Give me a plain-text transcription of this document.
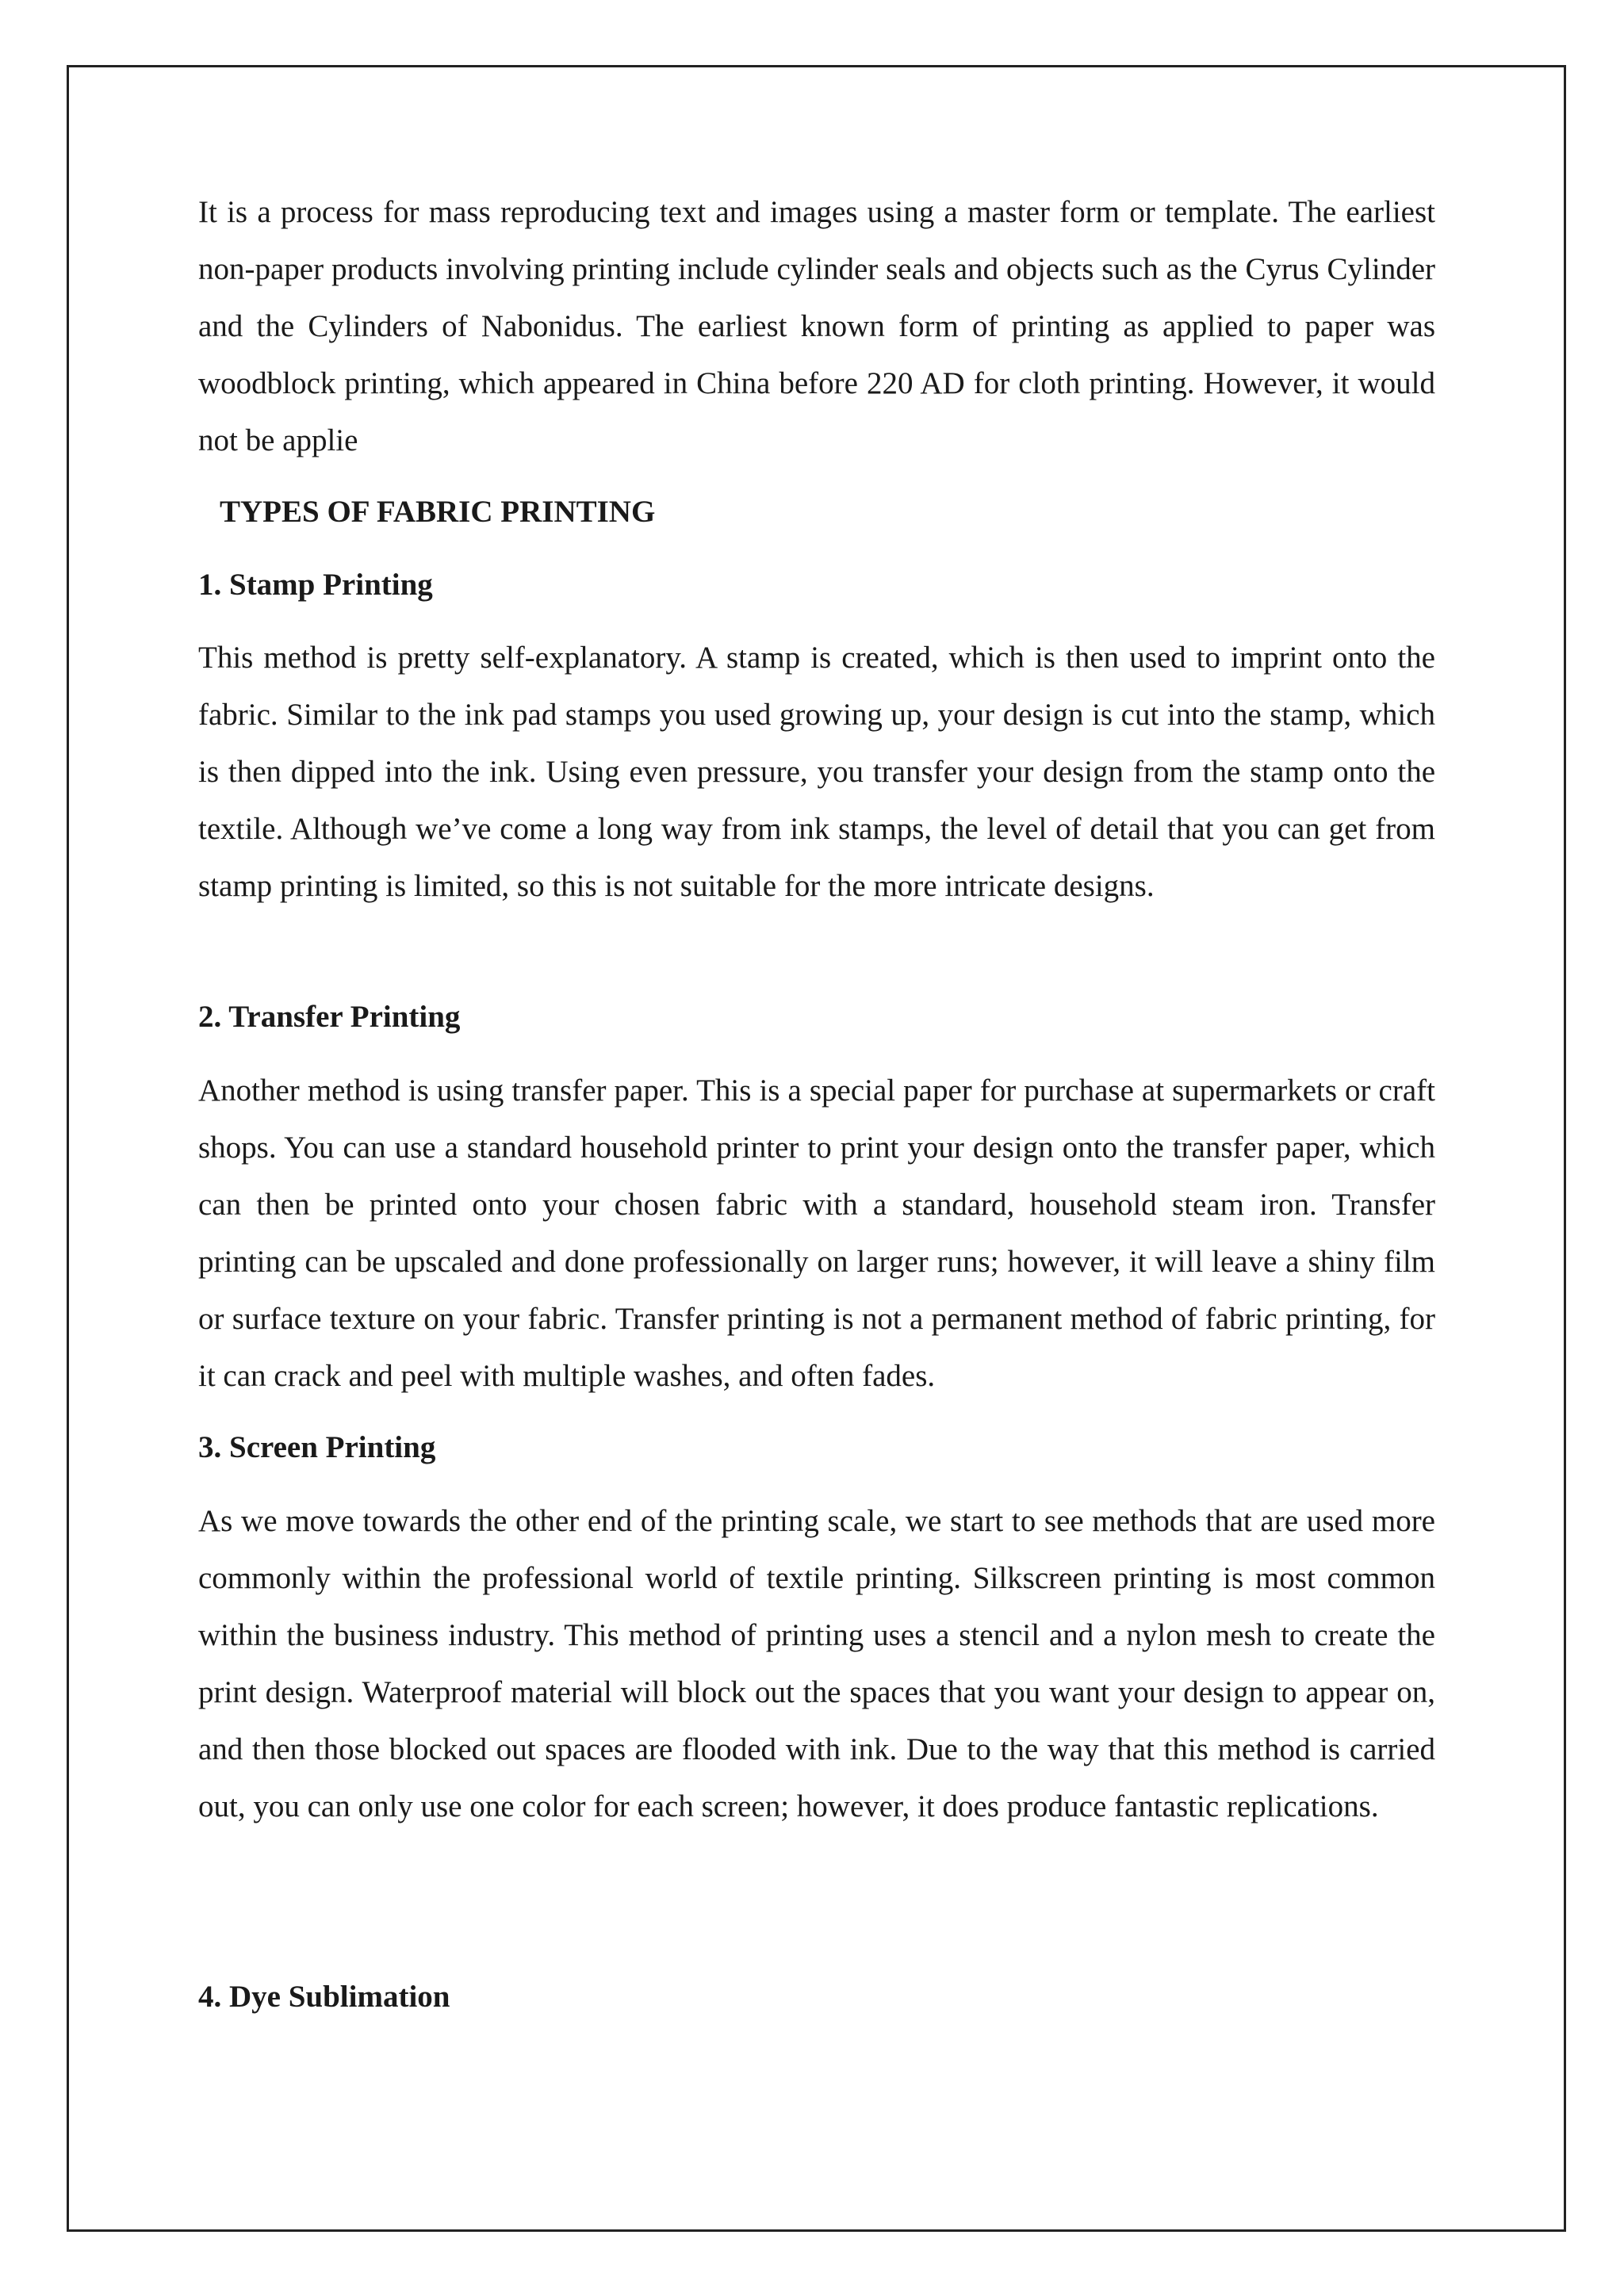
It is a process for mass reproducing text and images using a master form or template. The earliest non-paper products involving printing include cylinder seals and objects such as the Cyrus Cylinder and the Cylinders of Nabonidus. The earliest known form of printing as applied to paper was woodblock printing, which appeared in China before 220 AD for cloth printing. However, it would not be applie

TYPES OF FABRIC PRINTING
1. Stamp Printing

This method is pretty self-explanatory. A stamp is created, which is then used to imprint onto the fabric. Similar to the ink pad stamps you used growing up, your design is cut into the stamp, which is then dipped into the ink. Using even pressure, you transfer your design from the stamp onto the textile. Although we’ve come a long way from ink stamps, the level of detail that you can get from stamp printing is limited, so this is not suitable for the more intricate designs.

2. Transfer Printing

Another method is using transfer paper. This is a special paper for purchase at supermarkets or craft shops. You can use a standard household printer to print your design onto the transfer paper, which can then be printed onto your chosen fabric with a standard, household steam iron. Transfer printing can be upscaled and done professionally on larger runs; however, it will leave a shiny film or surface texture on your fabric. Transfer printing is not a permanent method of fabric printing, for it can crack and peel with multiple washes, and often fades.

3. Screen Printing

As we move towards the other end of the printing scale, we start to see methods that are used more commonly within the professional world of textile printing. Silkscreen printing is most common within the business industry. This method of printing uses a stencil and a nylon mesh to create the print design. Waterproof material will block out the spaces that you want your design to appear on, and then those blocked out spaces are flooded with ink. Due to the way that this method is carried out, you can only use one color for each screen; however, it does produce fantastic replications.

4. Dye Sublimation
